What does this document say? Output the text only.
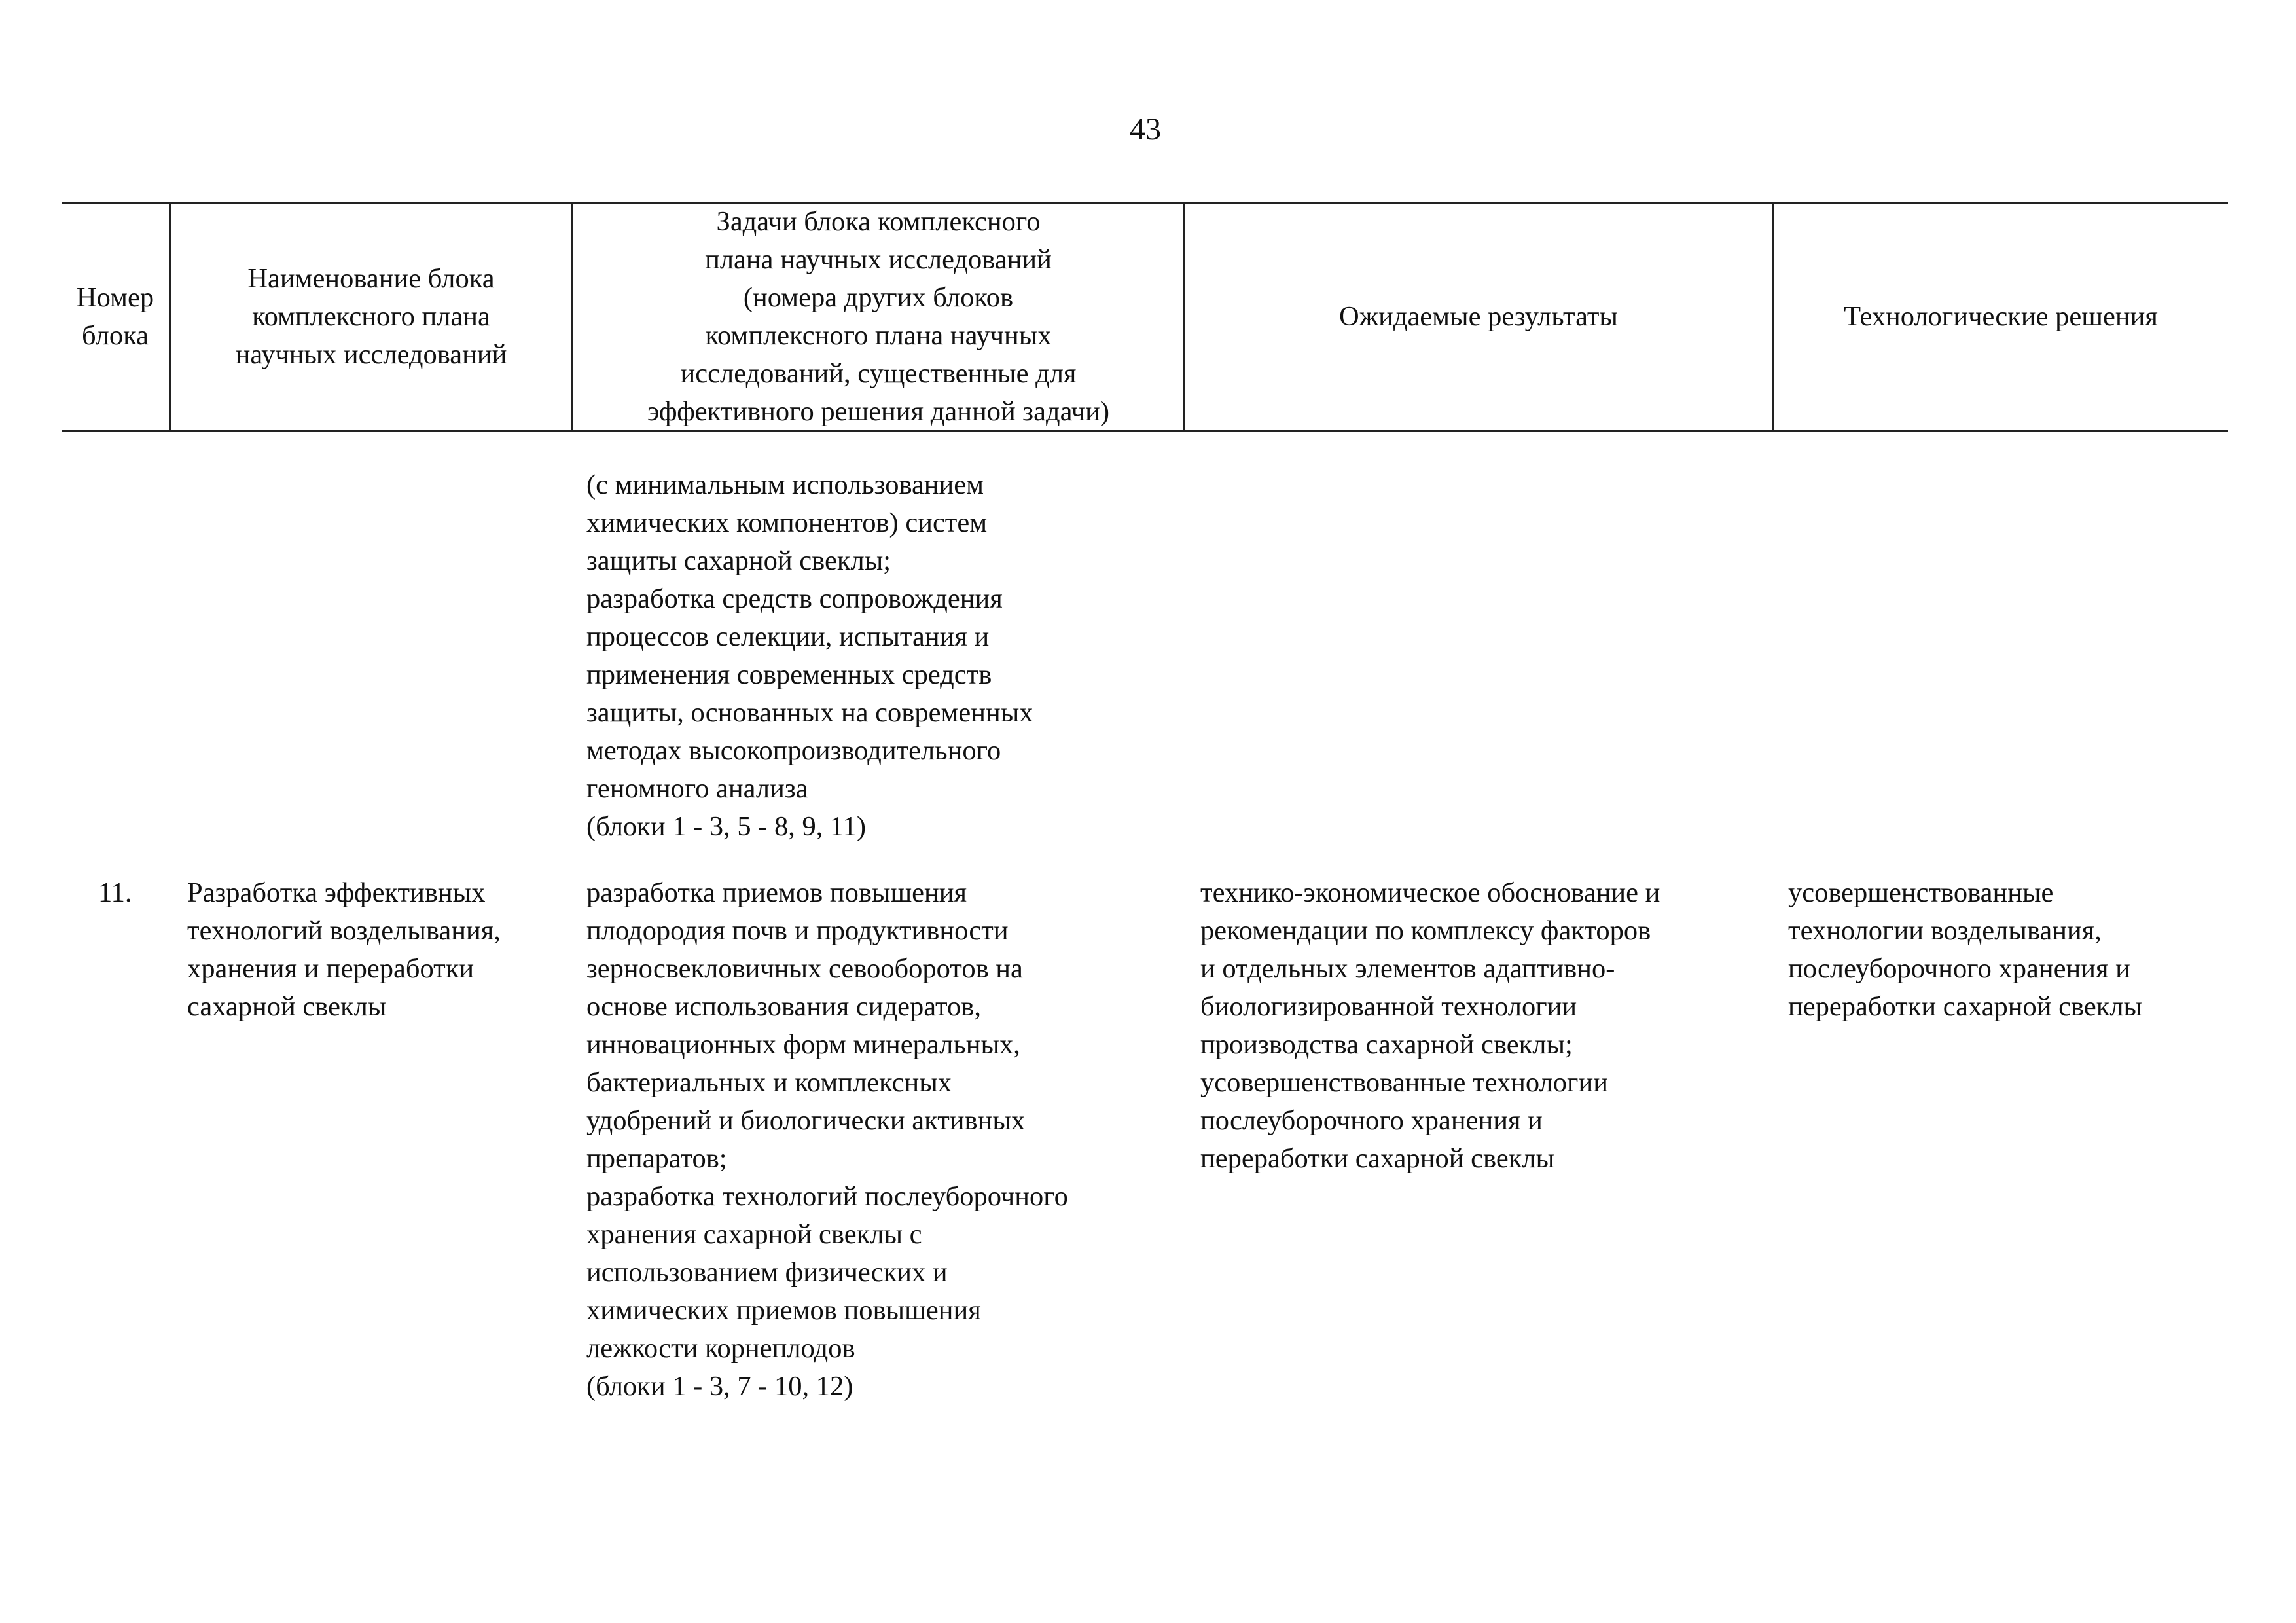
43
Номер
блока
Наименование блока
комплексного плана
научных исследований
Задачи блока комплексного
плана научных исследований
(номера других блоков
комплексного плана научных
исследований, существенные для
эффективного решения данной задачи)
Ожидаемые результаты	Технологические решения
(с минимальным использованием
химических компонентов) систем
защиты сахарной свеклы;
разработка средств сопровождения
процессов селекции, испытания и
применения современных средств
защиты, основанных на современных
методах высокопроизводительного
геномного анализа
(блоки 1 - 3, 5 - 8, 9, 11)
11.	Разработка эффективных
технологий возделывания,
хранения и переработки
сахарной свеклы
разработка приемов повышения
плодородия почв и продуктивности
зерносвекловичных севооборотов на
основе использования сидератов,
инновационных форм минеральных,
бактериальных и комплексных
удобрений и биологически активных
препаратов;
разработка технологий послеуборочного
хранения сахарной свеклы с
использованием физических и
химических приемов повышения
лежкости корнеплодов
(блоки 1 - 3, 7 - 10, 12)
технико-экономическое обоснование и
рекомендации по комплексу факторов
и отдельных элементов адаптивно-
биологизированной технологии
производства сахарной свеклы;
усовершенствованные технологии
послеуборочного хранения и
переработки сахарной свеклы
усовершенствованные
технологии возделывания,
послеуборочного хранения и
переработки сахарной свеклы
